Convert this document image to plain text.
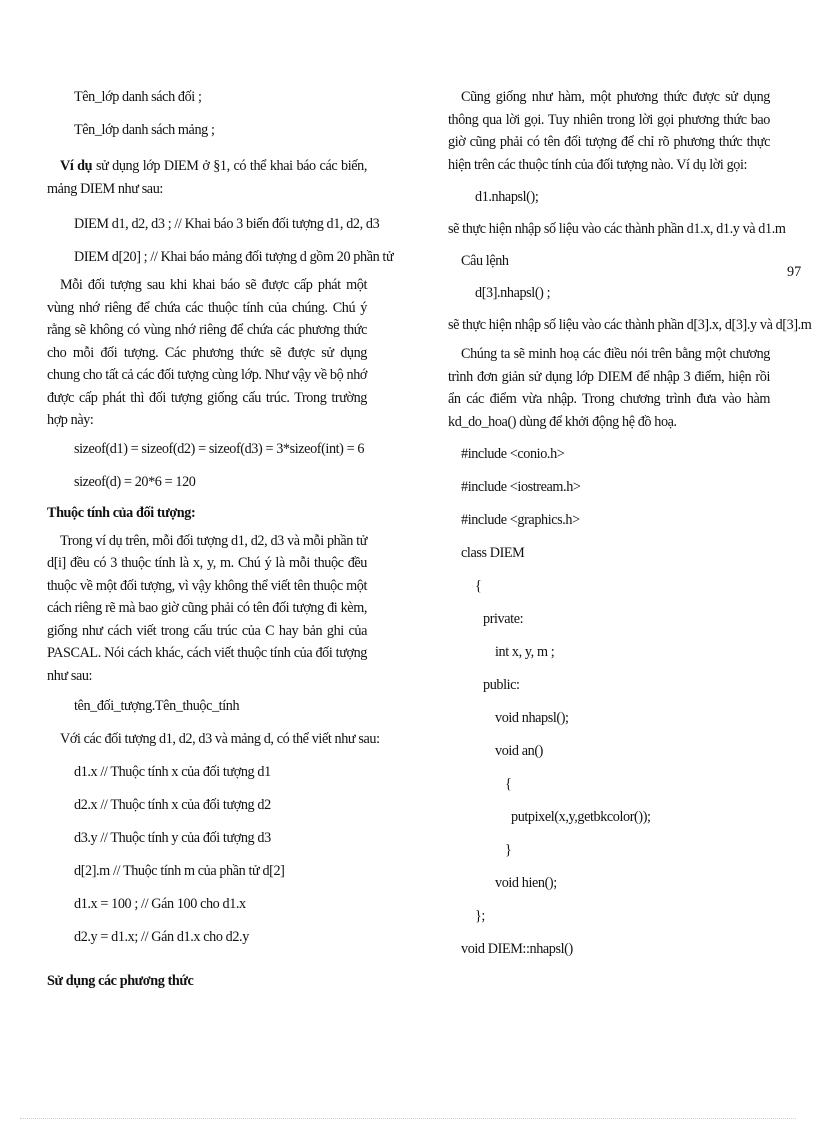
97
Tên_lớp danh sách đối ;
Tên_lớp danh sách mảng ;
Ví dụ sử dụng lớp DIEM ở §1, có thể khai báo các biến, mảng DIEM như sau:
DIEM d1, d2, d3 ; // Khai báo 3 biến đối tượng d1, d2, d3
DIEM d[20] ; // Khai báo mảng đối tượng d gồm 20 phần tử
Mỗi đối tượng sau khi khai báo sẽ được cấp phát một vùng nhớ riêng để chứa các thuộc tính của chúng. Chú ý rằng sẽ không có vùng nhớ riêng để chứa các phương thức cho mỗi đối tượng. Các phương thức sẽ được sử dụng chung cho tất cả các đối tượng cùng lớp. Như vậy về bộ nhớ được cấp phát thì đối tượng giống cấu trúc. Trong trường hợp này:
sizeof(d1) = sizeof(d2) = sizeof(d3) = 3*sizeof(int) = 6
sizeof(d) = 20*6 = 120
Thuộc tính của đối tượng:
Trong ví dụ trên, mỗi đối tượng d1, d2, d3 và mỗi phần tử d[i] đều có 3 thuộc tính là x, y, m. Chú ý là mỗi thuộc đều thuộc về một đối tượng, vì vậy không thể viết tên thuộc một cách riêng rẽ mà bao giờ cũng phải có tên đối tượng đi kèm, giống như cách viết trong cấu trúc của C hay bản ghi của PASCAL. Nói cách khác, cách viết thuộc tính của đối tượng như sau:
tên_đối_tượng.Tên_thuộc_tính
Với các đối tượng d1, d2, d3 và mảng d, có thể viết như sau:
d1.x // Thuộc tính x của đối tượng d1
d2.x // Thuộc tính x của đối tượng d2
d3.y // Thuộc tính y của đối tượng d3
d[2].m // Thuộc tính m của phần tử d[2]
d1.x = 100 ; // Gán 100 cho d1.x
d2.y = d1.x; // Gán d1.x cho d2.y
Sử dụng các phương thức
Cũng giống như hàm, một phương thức được sử dụng thông qua lời gọi. Tuy nhiên trong lời gọi phương thức bao giờ cũng phải có tên đối tượng để chỉ rõ phương thức thực hiện trên các thuộc tính của đối tượng nào. Ví dụ lời gọi:
d1.nhapsl();
sẽ thực hiện nhập số liệu vào các thành phần d1.x, d1.y và d1.m
Câu lệnh
d[3].nhapsl() ;
sẽ thực hiện nhập số liệu vào các thành phần d[3].x, d[3].y và d[3].m
Chúng ta sẽ minh hoạ các điều nói trên bằng một chương trình đơn giản sử dụng lớp DIEM để nhập 3 điểm, hiện rồi ẩn các điểm vừa nhập. Trong chương trình đưa vào hàm kd_do_hoa() dùng để khởi động hệ đồ hoạ.
#include <conio.h>
#include <iostream.h>
#include <graphics.h>
class DIEM
{
private:
int x, y, m ;
public:
void nhapsl();
void an()
{
putpixel(x,y,getbkcolor());
}
void hien();
};
void DIEM::nhapsl()
